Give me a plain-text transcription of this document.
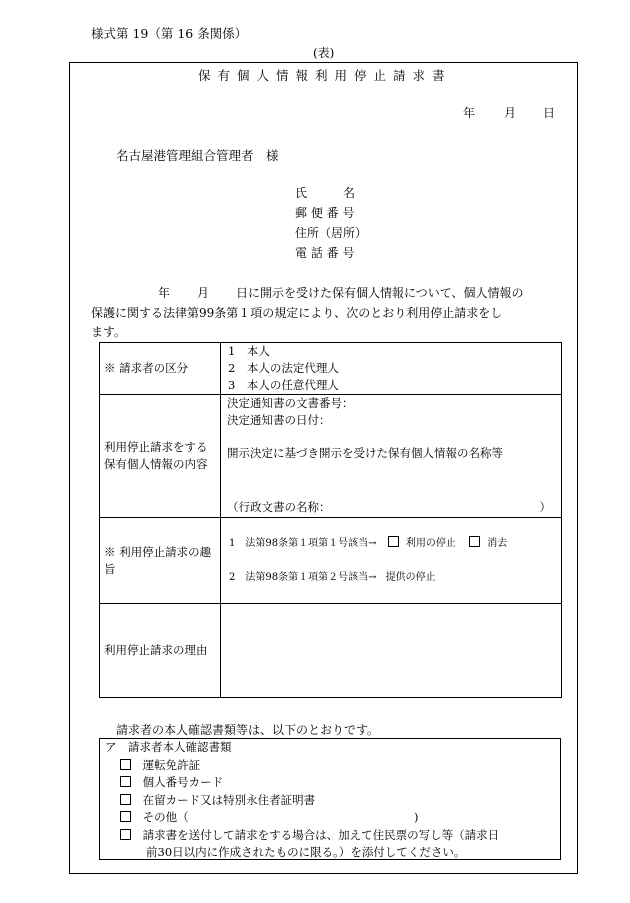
様式第 19（第 16 条関係）
(表)
保有個人情報利用停止請求書
年 月 日
名古屋港管理組合管理者　様
氏　　　名
郵 便 番 号
住所（居所）
電 話 番 号
年 月 日に開示を受けた保有個人情報について、個人情報の
保護に関する法律第99条第１項の規定により、次のとおり利用停止請求をし
ます。
※ 請求者の区分	1　本人
2　本人の法定代理人
3　本人の任意代理人

利用停止請求をする保有個人情報の内容	決定通知書の文書番号：
決定通知書の日付：
開示決定に基づき開示を受けた保有個人情報の名称等
（行政文書の名称： ）

※ 利用停止請求の趣旨	1　法第98条第１項第１号該当→ 利用の停止 消去
2　法第98条第１項第２号該当→ 提供の停止

利用停止請求の理由	
請求者の本人確認書類等は、以下のとおりです。
ア　請求者本人確認書類
運転免許証
個人番号カード
在留カード又は特別永住者証明書
その他（	)
請求書を送付して請求をする場合は、加えて住民票の写し等（請求日
前30日以内に作成されたものに限る。）を添付してください。
